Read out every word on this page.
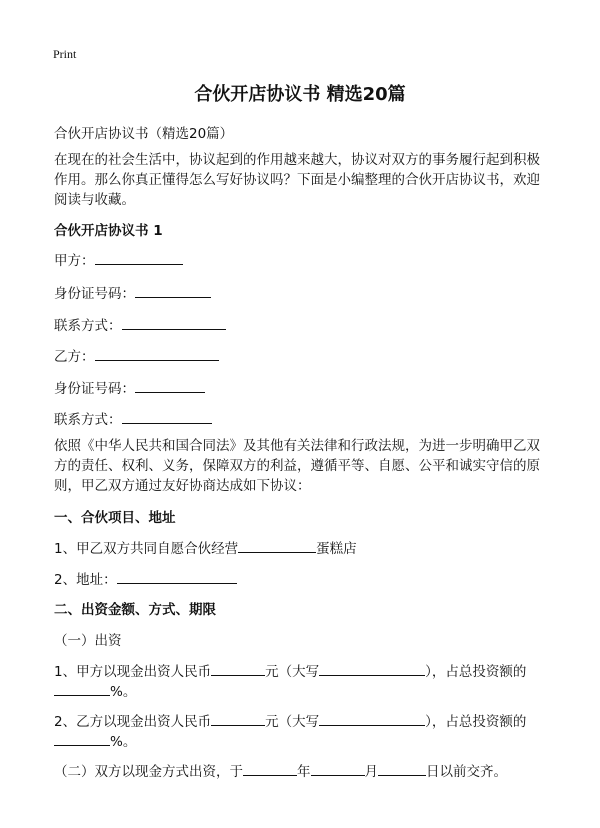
Print
合伙开店协议书 精选20篇
合伙开店协议书（精选20篇）
在现在的社会生活中，协议起到的作用越来越大，协议对双方的事务履行起到积极
作用。那么你真正懂得怎么写好协议吗？下面是小编整理的合伙开店协议书，欢迎
阅读与收藏。
合伙开店协议书 1
甲方：
身份证号码：
联系方式：
乙方：
身份证号码：
联系方式：
依照《中华人民共和国合同法》及其他有关法律和行政法规，为进一步明确甲乙双
方的责任、权利、义务，保障双方的利益，遵循平等、自愿、公平和诚实守信的原
则，甲乙双方通过友好协商达成如下协议：
一、合伙项目、地址
1、甲乙双方共同自愿合伙经营	蛋糕店
2、地址：
二、出资金额、方式、期限
（一）出资
1、甲方以现金出资人民币	元（大写	），占总投资额的
%。
2、乙方以现金出资人民币	元（大写	），占总投资额的
%。
（二）双方以现金方式出资，于	年	月	日以前交齐。
